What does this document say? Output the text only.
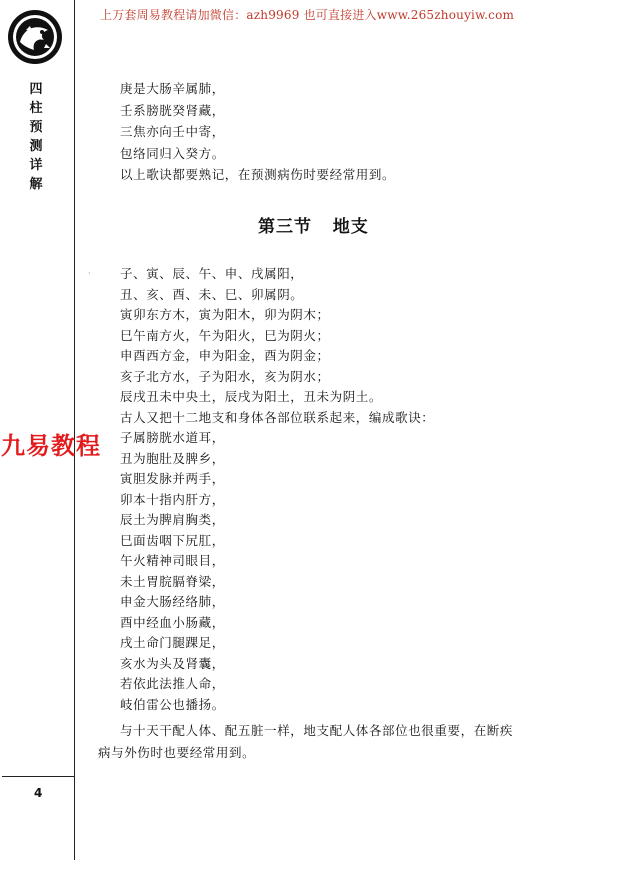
上万套周易教程请加微信：azh9969 也可直接进入www.265zhouyiw.com
四
柱
预
测
详
解
4
庚是大肠辛属肺，
壬系膀胱癸肾藏，
三焦亦向壬中寄，
包络同归入癸方。
以上歌诀都要熟记，在预测病伤时要经常用到。
第三节   地支
· 子、寅、辰、午、申、戌属阳，
丑、亥、酉、未、巳、卯属阴。
寅卯东方木，寅为阳木，卯为阴木；
巳午南方火，午为阳火，巳为阴火；
申酉西方金，申为阳金，酉为阴金；
亥子北方水，子为阳水，亥为阴水；
辰戌丑未中央土，辰戌为阳土，丑未为阴土。
古人又把十二地支和身体各部位联系起来，编成歌诀：
子属膀胱水道耳，
丑为胞肚及脾乡，
寅胆发脉并两手，
卯本十指内肝方，
辰土为脾肩胸类，
巳面齿咽下尻肛，
午火精神司眼目，
未土胃脘膈脊梁，
申金大肠经络肺，
酉中经血小肠藏，
戌土命门腿踝足，
亥水为头及肾囊，
若依此法推人命，
岐伯雷公也播扬。
与十天干配人体、配五脏一样，地支配人体各部位也很重要，在断疾
病与外伤时也要经常用到。
九易教程
